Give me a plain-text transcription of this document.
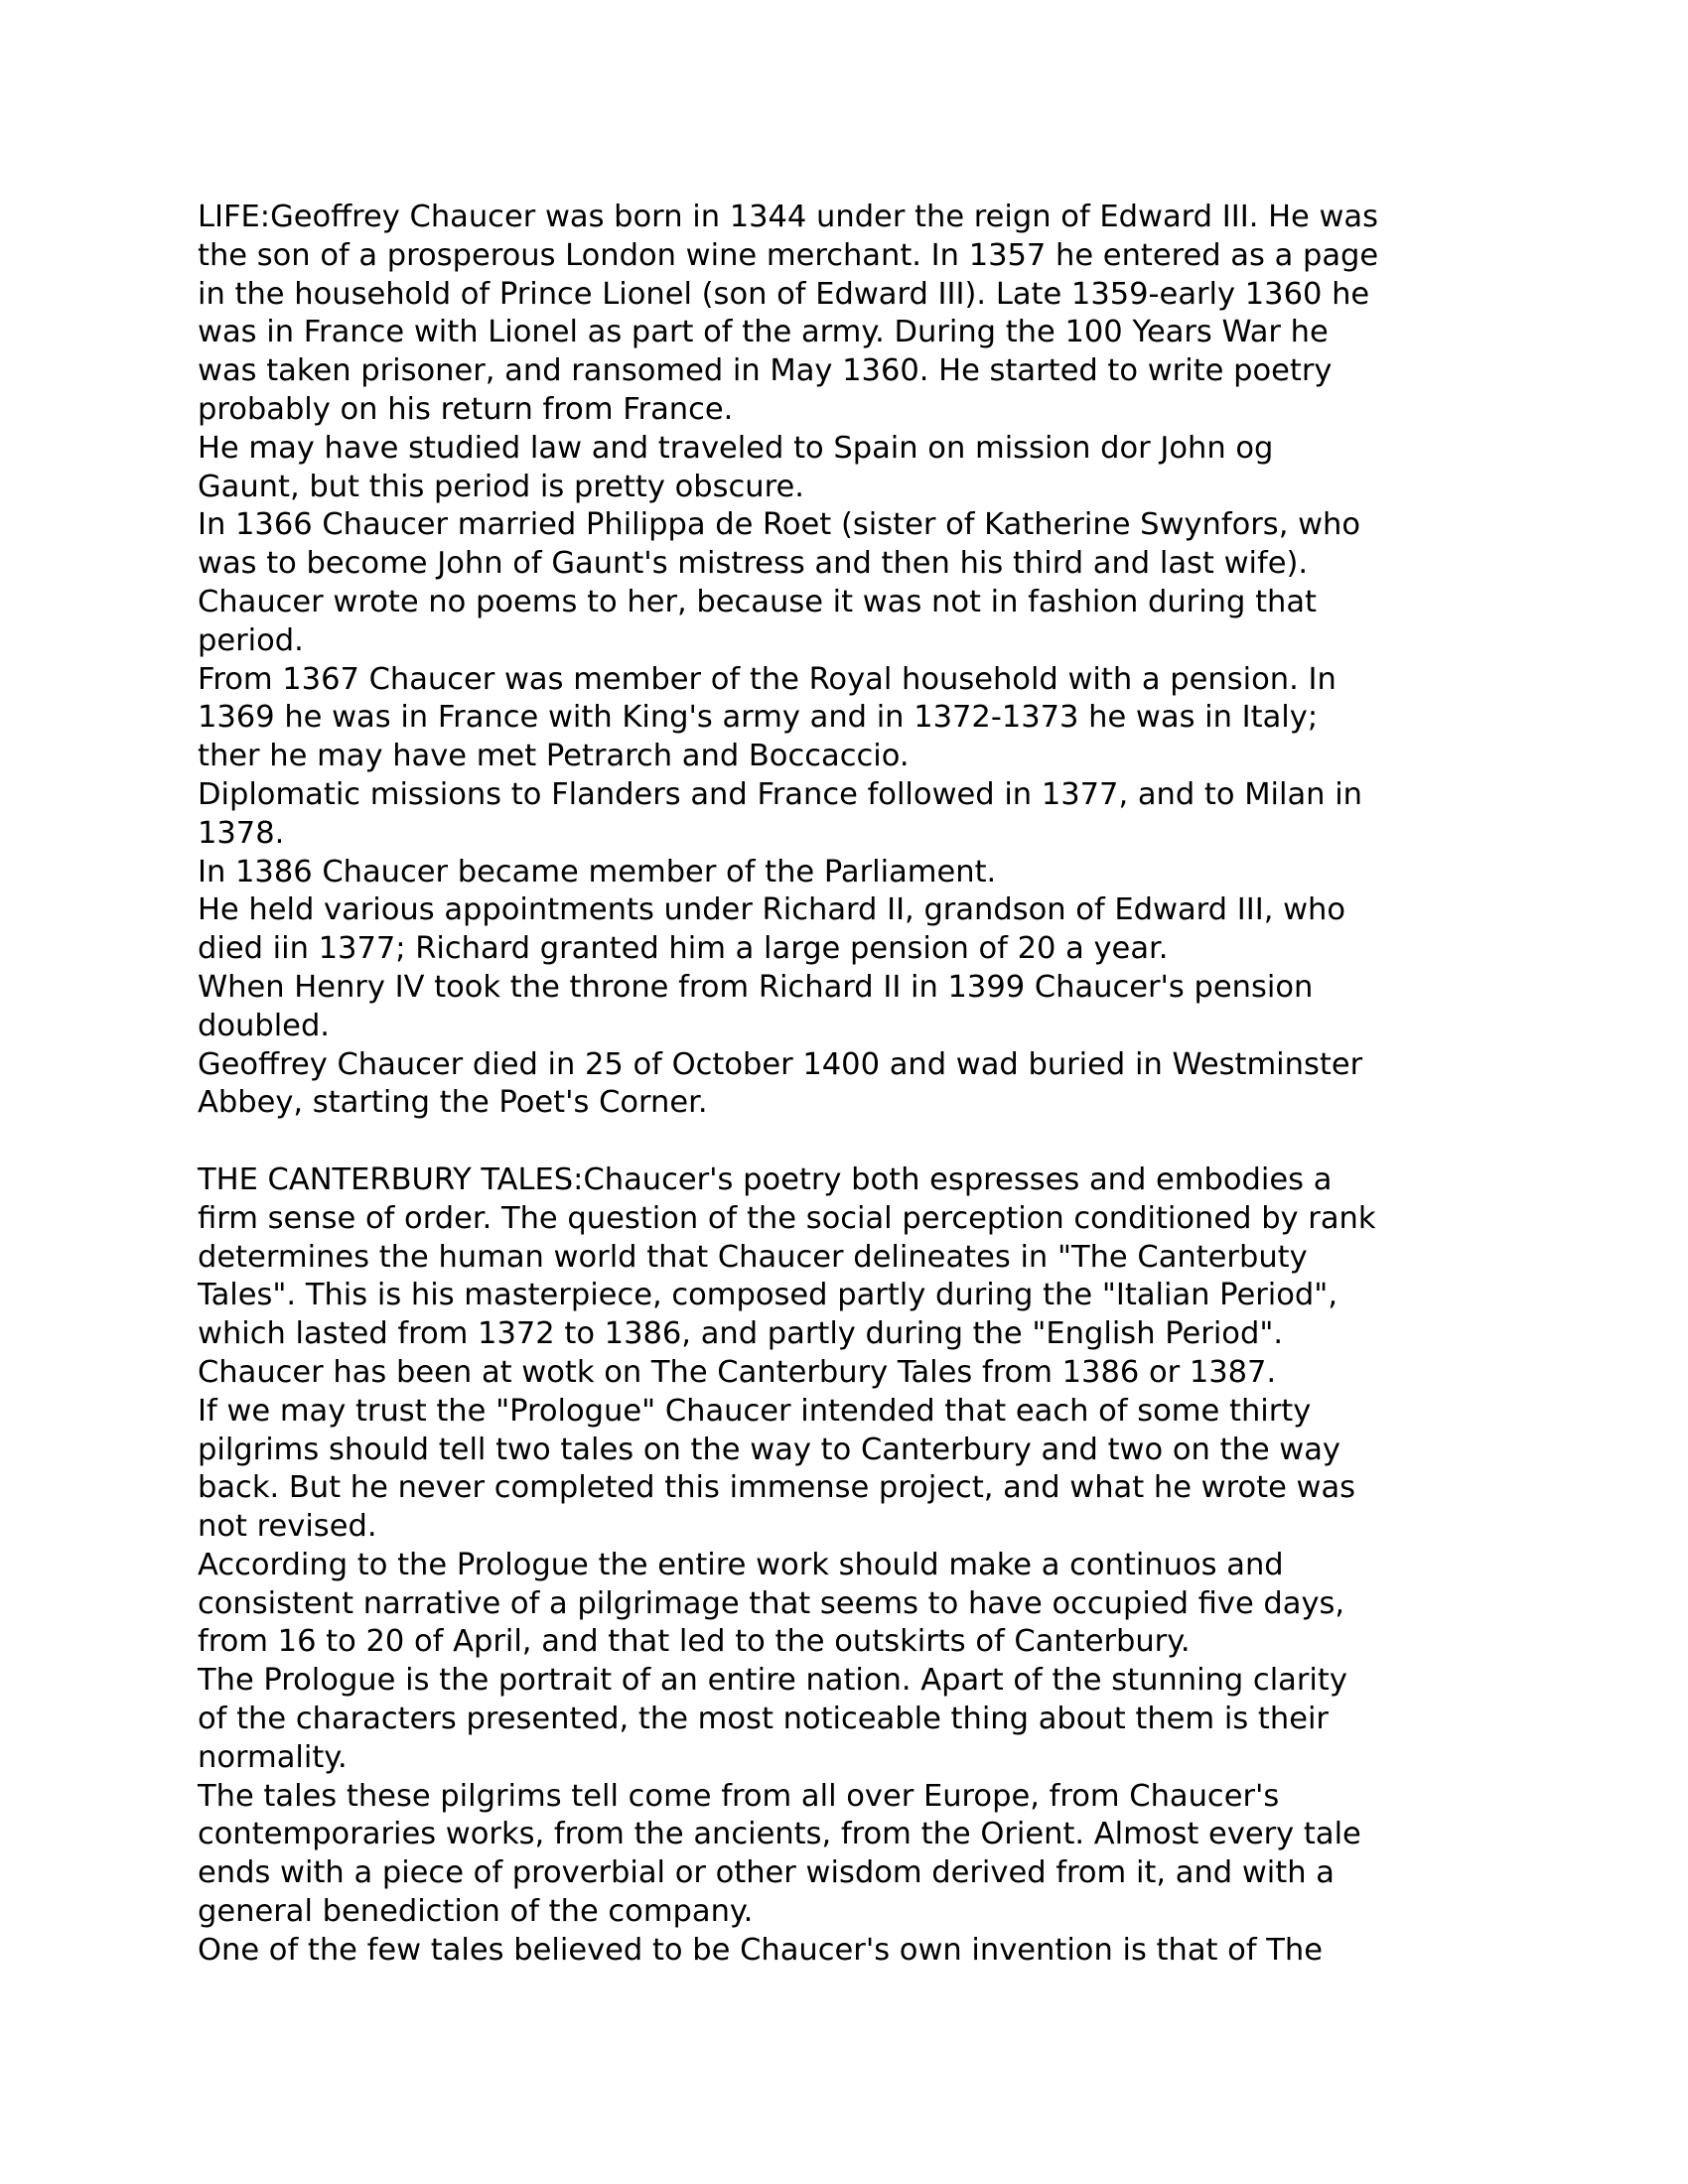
LIFE:Geoffrey Chaucer was born in 1344 under the reign of Edward III. He was
the son of a prosperous London wine merchant. In 1357 he entered as a page
in the household of Prince Lionel (son of Edward III). Late 1359-early 1360 he
was in France with Lionel as part of the army. During the 100 Years War he
was taken prisoner, and ransomed in May 1360. He started to write poetry
probably on his return from France.
He may have studied law and traveled to Spain on mission dor John og
Gaunt, but this period is pretty obscure.
In 1366 Chaucer married Philippa de Roet (sister of Katherine Swynfors, who
was to become John of Gaunt's mistress and then his third and last wife).
Chaucer wrote no poems to her, because it was not in fashion during that
period.
From 1367 Chaucer was member of the Royal household with a pension. In
1369 he was in France with King's army and in 1372-1373 he was in Italy;
ther he may have met Petrarch and Boccaccio.
Diplomatic missions to Flanders and France followed in 1377, and to Milan in
1378.
In 1386 Chaucer became member of the Parliament.
He held various appointments under Richard II, grandson of Edward III, who
died iin 1377; Richard granted him a large pension of 20 a year.
When Henry IV took the throne from Richard II in 1399 Chaucer's pension
doubled.
Geoffrey Chaucer died in 25 of October 1400 and wad buried in Westminster
Abbey, starting the Poet's Corner.
THE CANTERBURY TALES:Chaucer's poetry both espresses and embodies a
firm sense of order. The question of the social perception conditioned by rank
determines the human world that Chaucer delineates in "The Canterbuty
Tales". This is his masterpiece, composed partly during the "Italian Period",
which lasted from 1372 to 1386, and partly during the "English Period".
Chaucer has been at wotk on The Canterbury Tales from 1386 or 1387.
If we may trust the "Prologue" Chaucer intended that each of some thirty
pilgrims should tell two tales on the way to Canterbury and two on the way
back. But he never completed this immense project, and what he wrote was
not revised.
According to the Prologue the entire work should make a continuos and
consistent narrative of a pilgrimage that seems to have occupied five days,
from 16 to 20 of April, and that led to the outskirts of Canterbury.
The Prologue is the portrait of an entire nation. Apart of the stunning clarity
of the characters presented, the most noticeable thing about them is their
normality.
The tales these pilgrims tell come from all over Europe, from Chaucer's
contemporaries works, from the ancients, from the Orient. Almost every tale
ends with a piece of proverbial or other wisdom derived from it, and with a
general benediction of the company.
One of the few tales believed to be Chaucer's own invention is that of The
